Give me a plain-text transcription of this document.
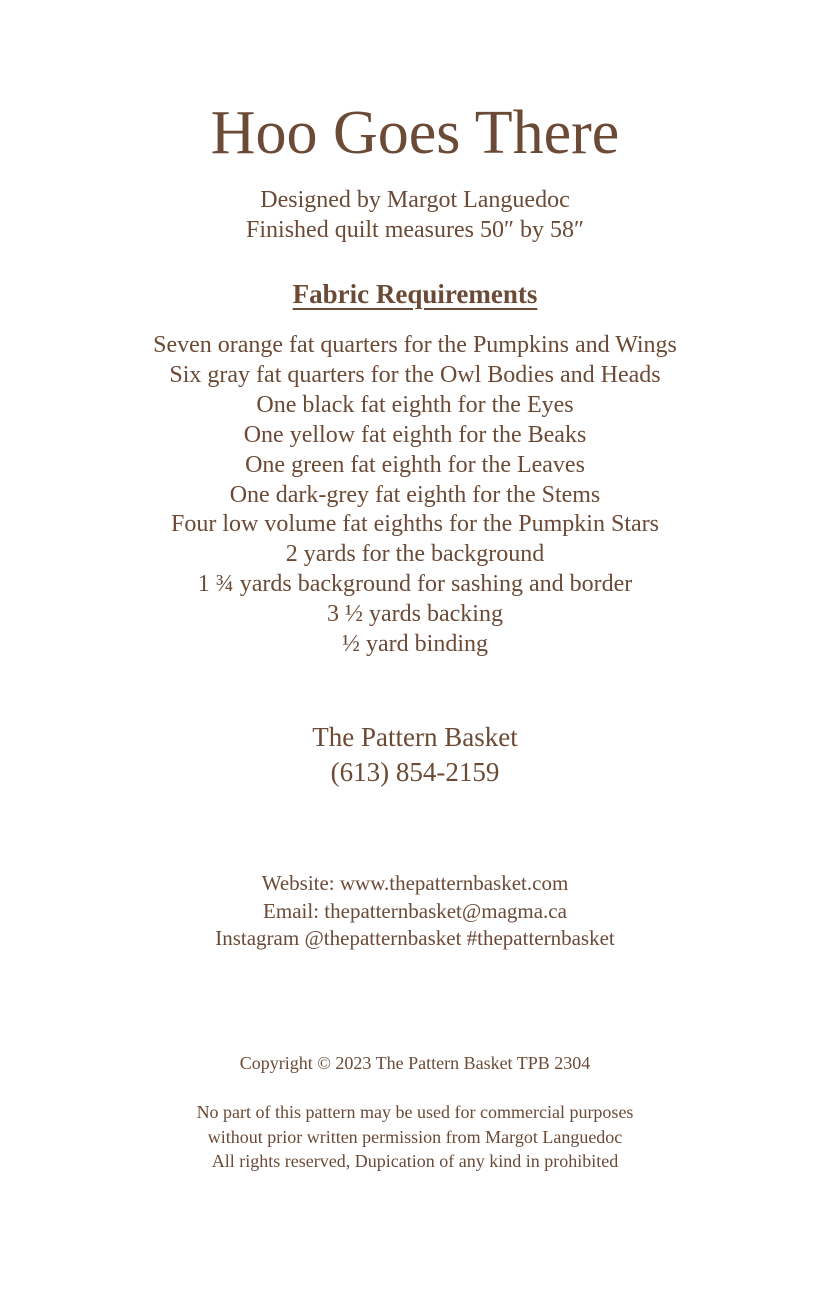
Hoo Goes There
Designed by Margot Languedoc
Finished quilt measures 50″ by 58″
Fabric Requirements
Seven orange fat quarters for the Pumpkins and Wings
Six gray fat quarters for the Owl Bodies and Heads
One black fat eighth for the Eyes
One yellow fat eighth for the Beaks
One green fat eighth for the Leaves
One dark-grey fat eighth for the Stems
Four low volume fat eighths for the Pumpkin Stars
2 yards for the background
1 ¾ yards background for sashing and border
3 ½ yards backing
½ yard binding
The Pattern Basket
(613) 854-2159
Website: www.thepatternbasket.com
Email: thepatternbasket@magma.ca
Instagram @thepatternbasket #thepatternbasket
Copyright © 2023 The Pattern Basket TPB 2304
No part of this pattern may be used for commercial purposes
without prior written permission from Margot Languedoc
All rights reserved, Dupication of any kind in prohibited
